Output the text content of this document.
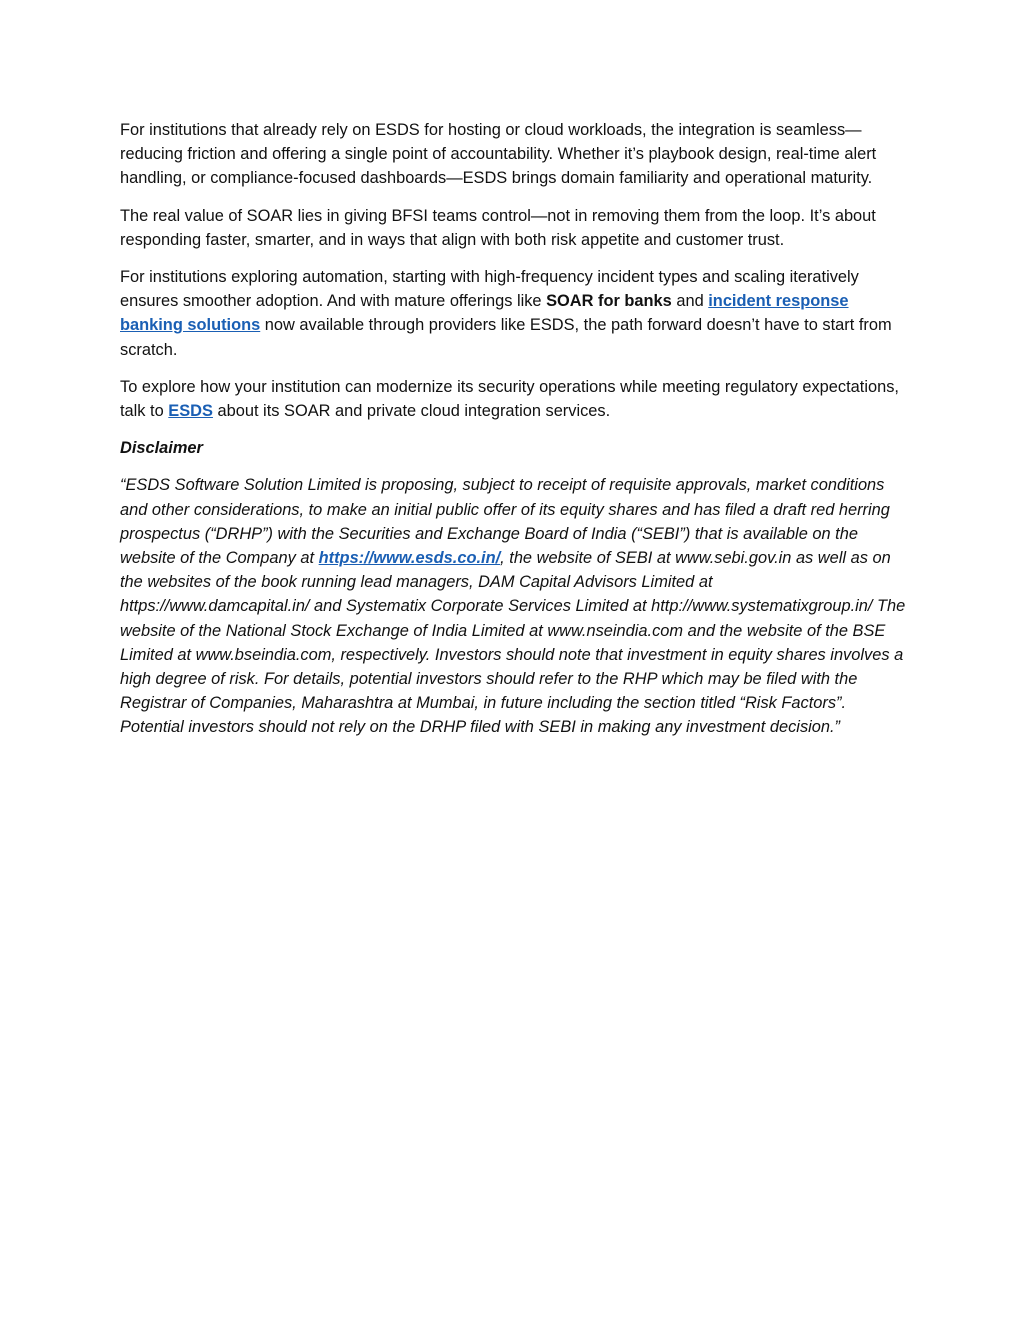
For institutions that already rely on ESDS for hosting or cloud workloads, the integration is seamless—reducing friction and offering a single point of accountability. Whether it’s playbook design, real-time alert handling, or compliance-focused dashboards—ESDS brings domain familiarity and operational maturity.

The real value of SOAR lies in giving BFSI teams control—not in removing them from the loop. It’s about responding faster, smarter, and in ways that align with both risk appetite and customer trust.

For institutions exploring automation, starting with high-frequency incident types and scaling iteratively ensures smoother adoption. And with mature offerings like SOAR for banks and incident response banking solutions now available through providers like ESDS, the path forward doesn’t have to start from scratch.

To explore how your institution can modernize its security operations while meeting regulatory expectations, talk to ESDS about its SOAR and private cloud integration services.

Disclaimer

“ESDS Software Solution Limited is proposing, subject to receipt of requisite approvals, market conditions and other considerations, to make an initial public offer of its equity shares and has filed a draft red herring prospectus (“DRHP”) with the Securities and Exchange Board of India (“SEBI”) that is available on the website of the Company at https://www.esds.co.in/, the website of SEBI at www.sebi.gov.in as well as on the websites of the book running lead managers, DAM Capital Advisors Limited at https://www.damcapital.in/ and Systematix Corporate Services Limited at http://www.systematixgroup.in/ The website of the National Stock Exchange of India Limited at www.nseindia.com and the website of the BSE Limited at www.bseindia.com, respectively. Investors should note that investment in equity shares involves a high degree of risk. For details, potential investors should refer to the RHP which may be filed with the Registrar of Companies, Maharashtra at Mumbai, in future including the section titled “Risk Factors”. Potential investors should not rely on the DRHP filed with SEBI in making any investment decision.”
